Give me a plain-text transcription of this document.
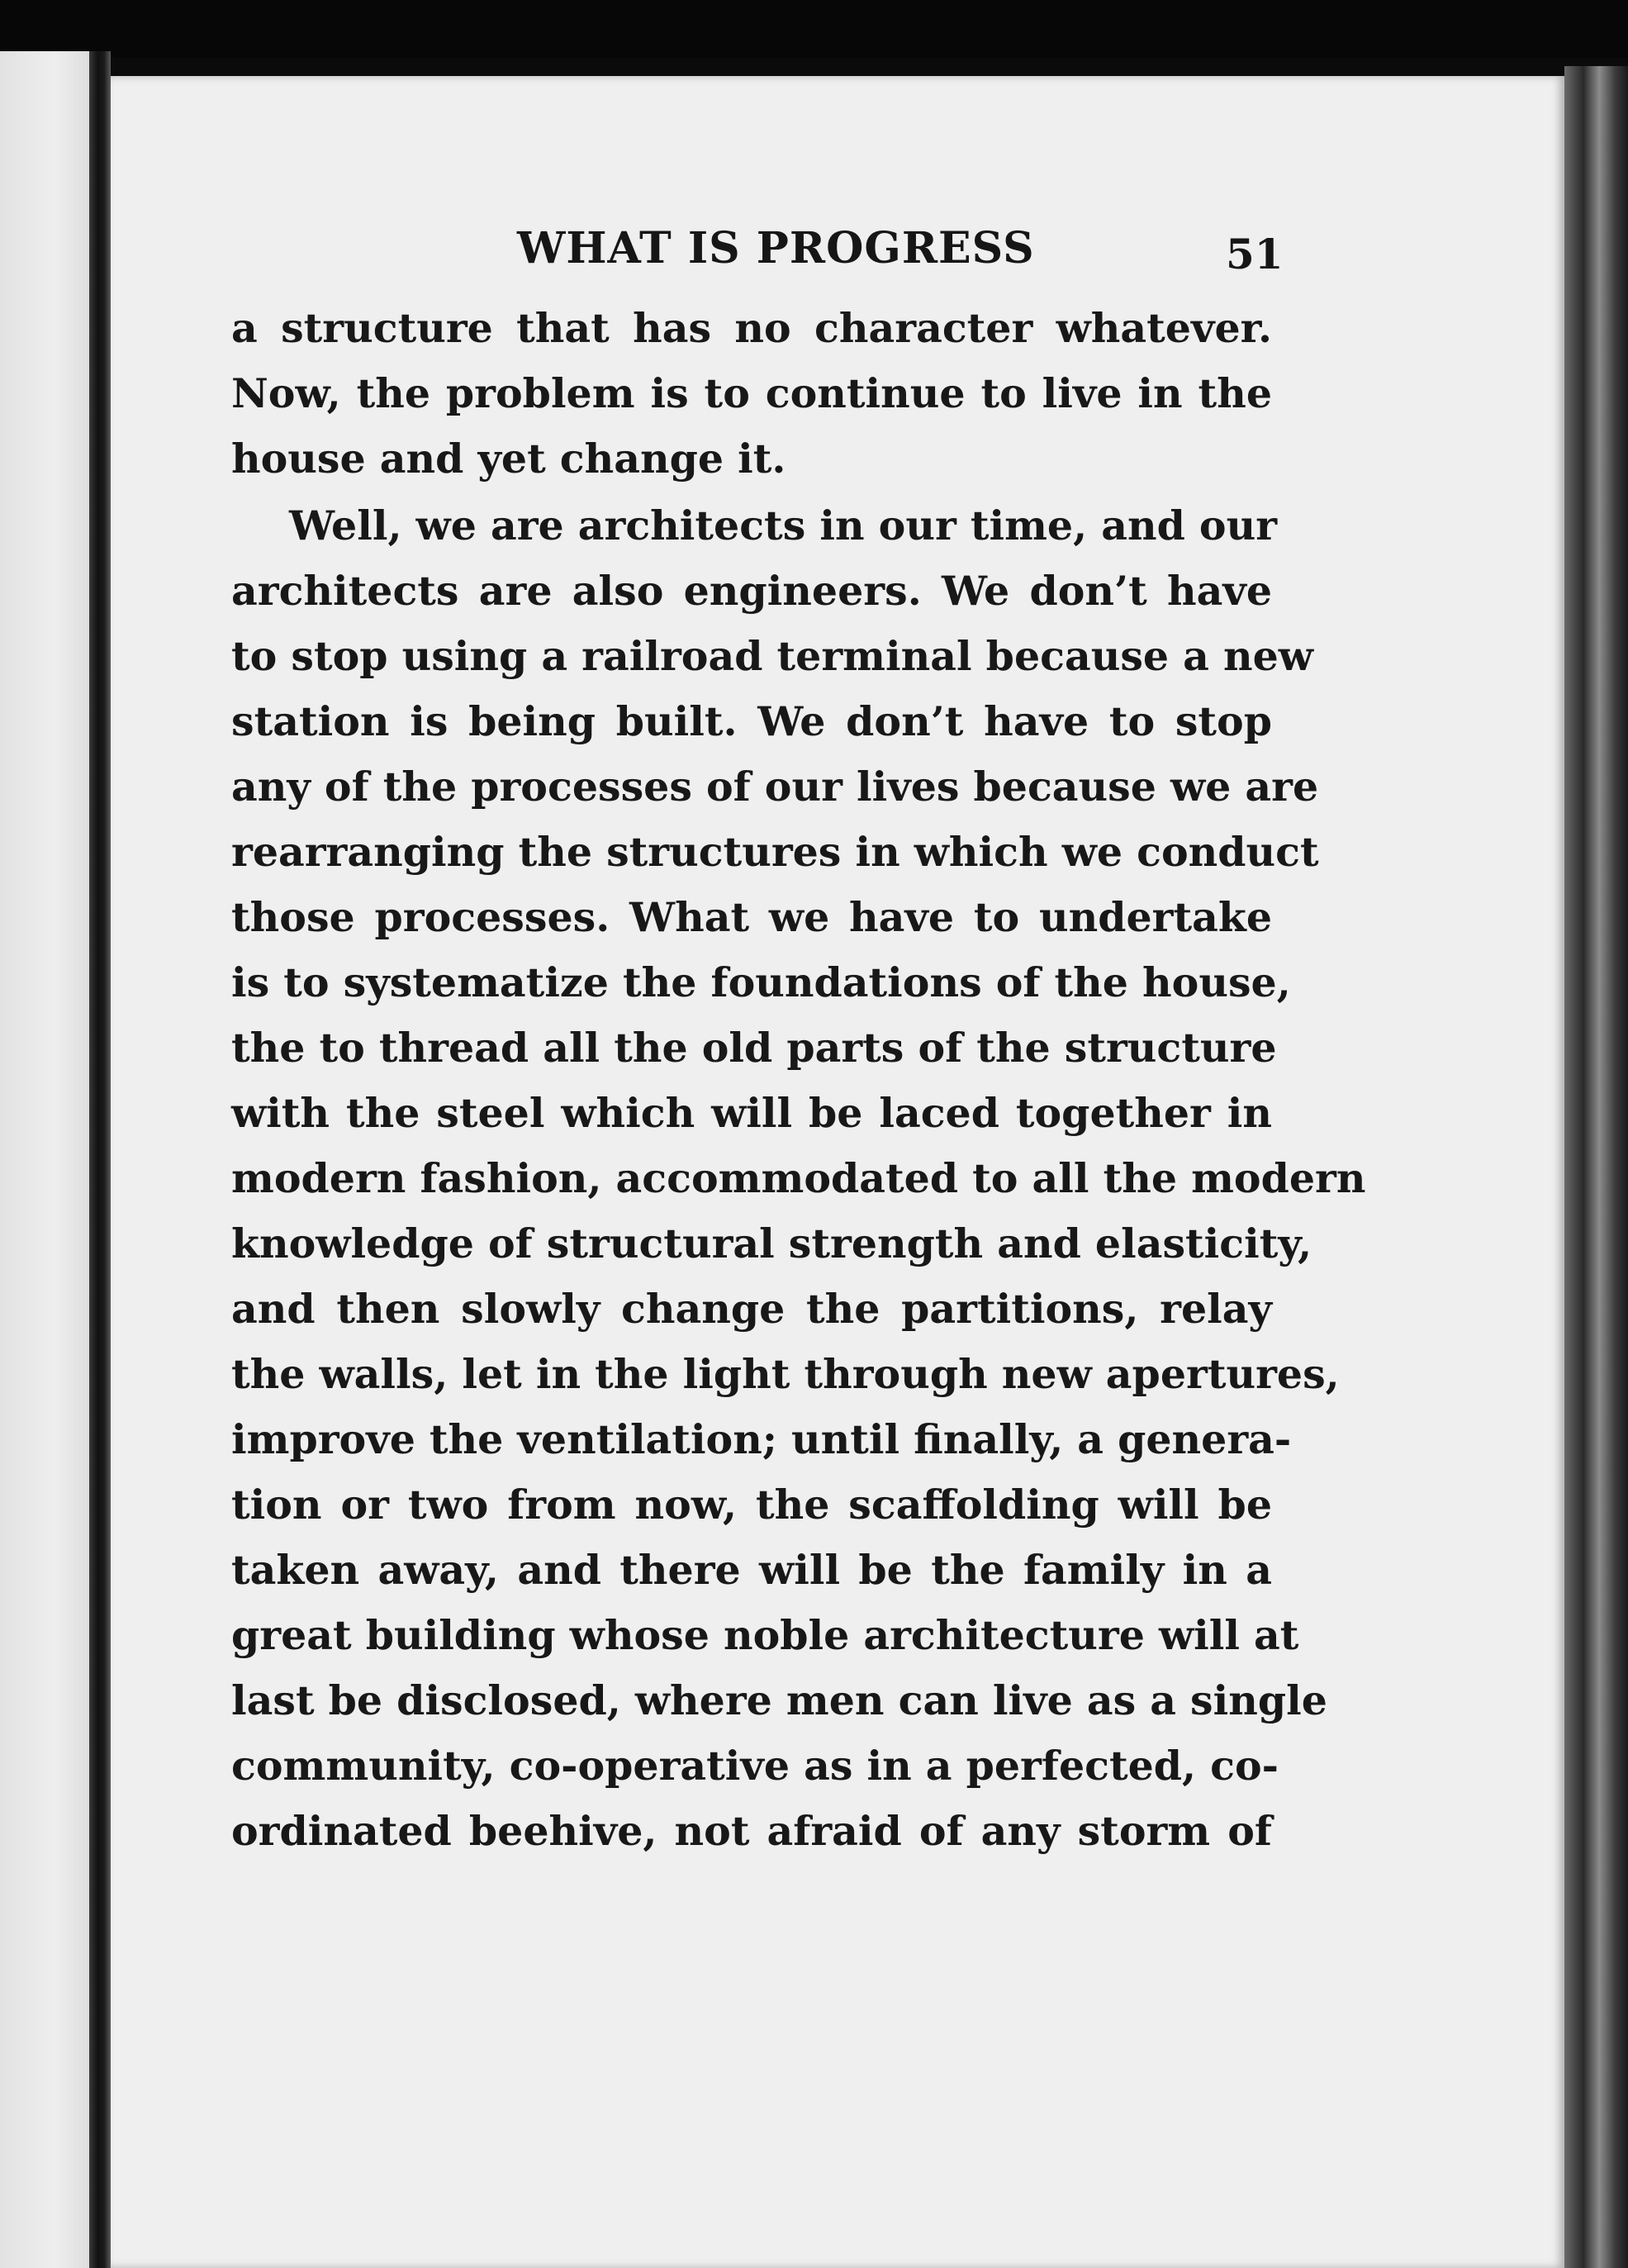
WHAT IS PROGRESS	51
a structure that has no character whatever.
Now, the problem is to continue to live in the
house and yet change it.
Well, we are architects in our time, and our
architects are also engineers. We don’t have
to stop using a railroad terminal because a new
station is being built. We don’t have to stop
any of the processes of our lives because we are
rearranging the structures in which we conduct
those processes. What we have to undertake
is to systematize the foundations of the house,
the to thread all the old parts of the structure
with the steel which will be laced together in
modern fashion, accommodated to all the modern
knowledge of structural strength and elasticity,
and then slowly change the partitions, relay
the walls, let in the light through new apertures,
improve the ventilation; until finally, a genera-
tion or two from now, the scaffolding will be
taken away, and there will be the family in a
great building whose noble architecture will at
last be disclosed, where men can live as a single
community, co-operative as in a perfected, co-
ordinated beehive, not afraid of any storm of
